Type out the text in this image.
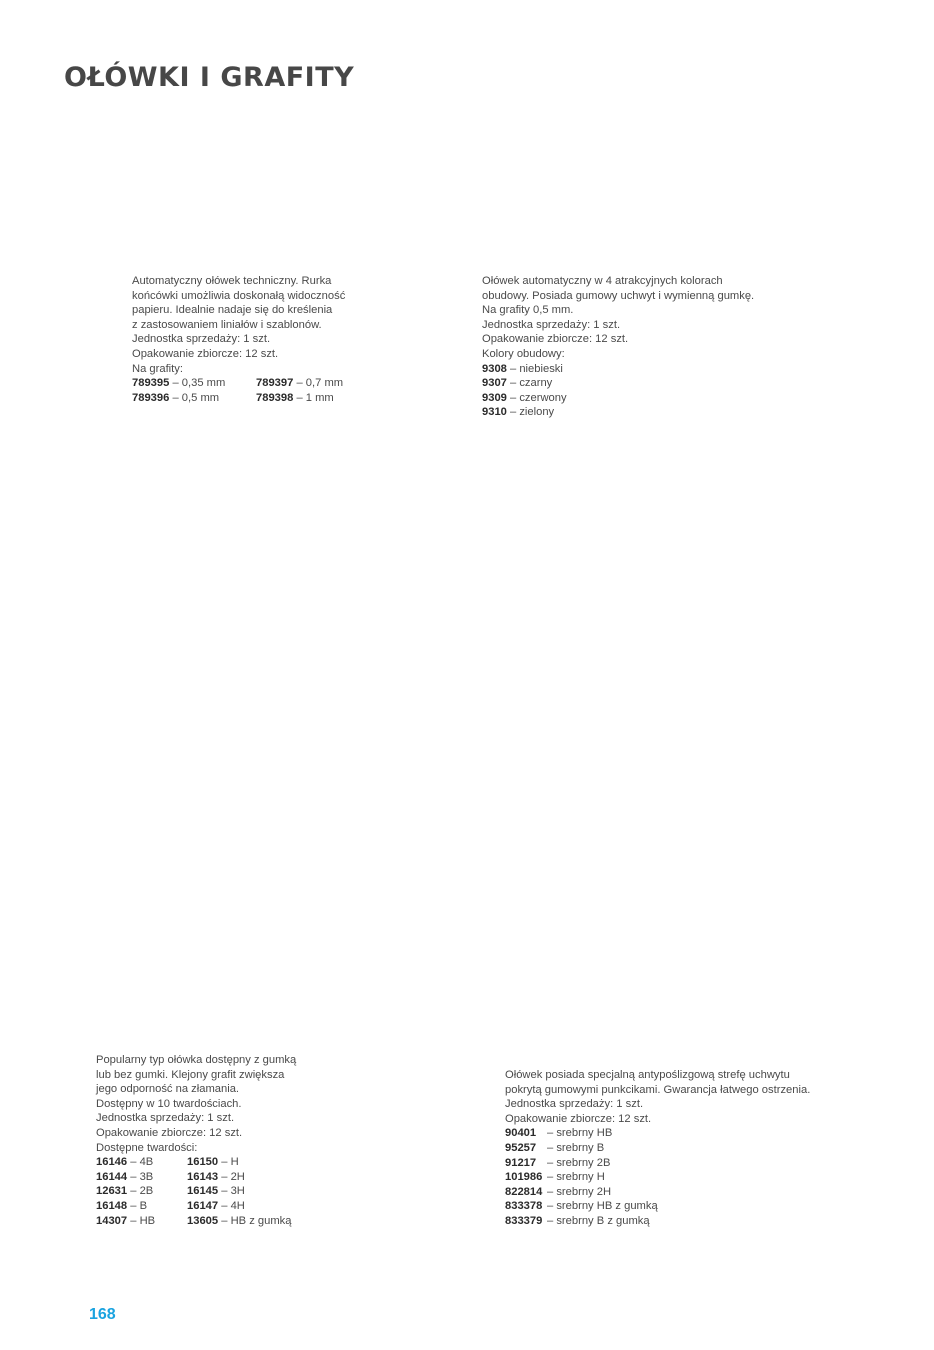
OŁÓWKI I GRAFITY
Automatyczny ołówek techniczny. Rurka
końcówki umożliwia doskonałą widoczność
papieru. Idealnie nadaje się do kreślenia
z zastosowaniem liniałów i szablonów.
Jednostka sprzedaży: 1 szt.
Opakowanie zbiorcze: 12 szt.
Na grafity:
789395 – 0,35 mm	789397 – 0,7 mm
789396 – 0,5 mm	789398 – 1 mm
Ołówek automatyczny w 4 atrakcyjnych kolorach
obudowy. Posiada gumowy uchwyt i wymienną gumkę.
Na grafity 0,5 mm.
Jednostka sprzedaży: 1 szt.
Opakowanie zbiorcze: 12 szt.
Kolory obudowy:
9308 – niebieski
9307 – czarny
9309 – czerwony
9310 – zielony
Popularny typ ołówka dostępny z gumką
lub bez gumki. Klejony grafit zwiększa
jego odporność na złamania.
Dostępny w 10 twardościach.
Jednostka sprzedaży: 1 szt.
Opakowanie zbiorcze: 12 szt.
Dostępne twardości:
16146 – 4B	16150 – H
16144 – 3B	16143 – 2H
12631 – 2B	16145 – 3H
16148 – B	16147 – 4H
14307 – HB	13605 – HB z gumką
Ołówek posiada specjalną antypoślizgową strefę uchwytu
pokrytą gumowymi punkcikami. Gwarancja łatwego ostrzenia.
Jednostka sprzedaży: 1 szt.
Opakowanie zbiorcze: 12 szt.
90401 – srebrny HB
95257 – srebrny B
91217 – srebrny 2B
101986 – srebrny H
822814 – srebrny 2H
833378 – srebrny HB z gumką
833379 – srebrny B z gumką
168
